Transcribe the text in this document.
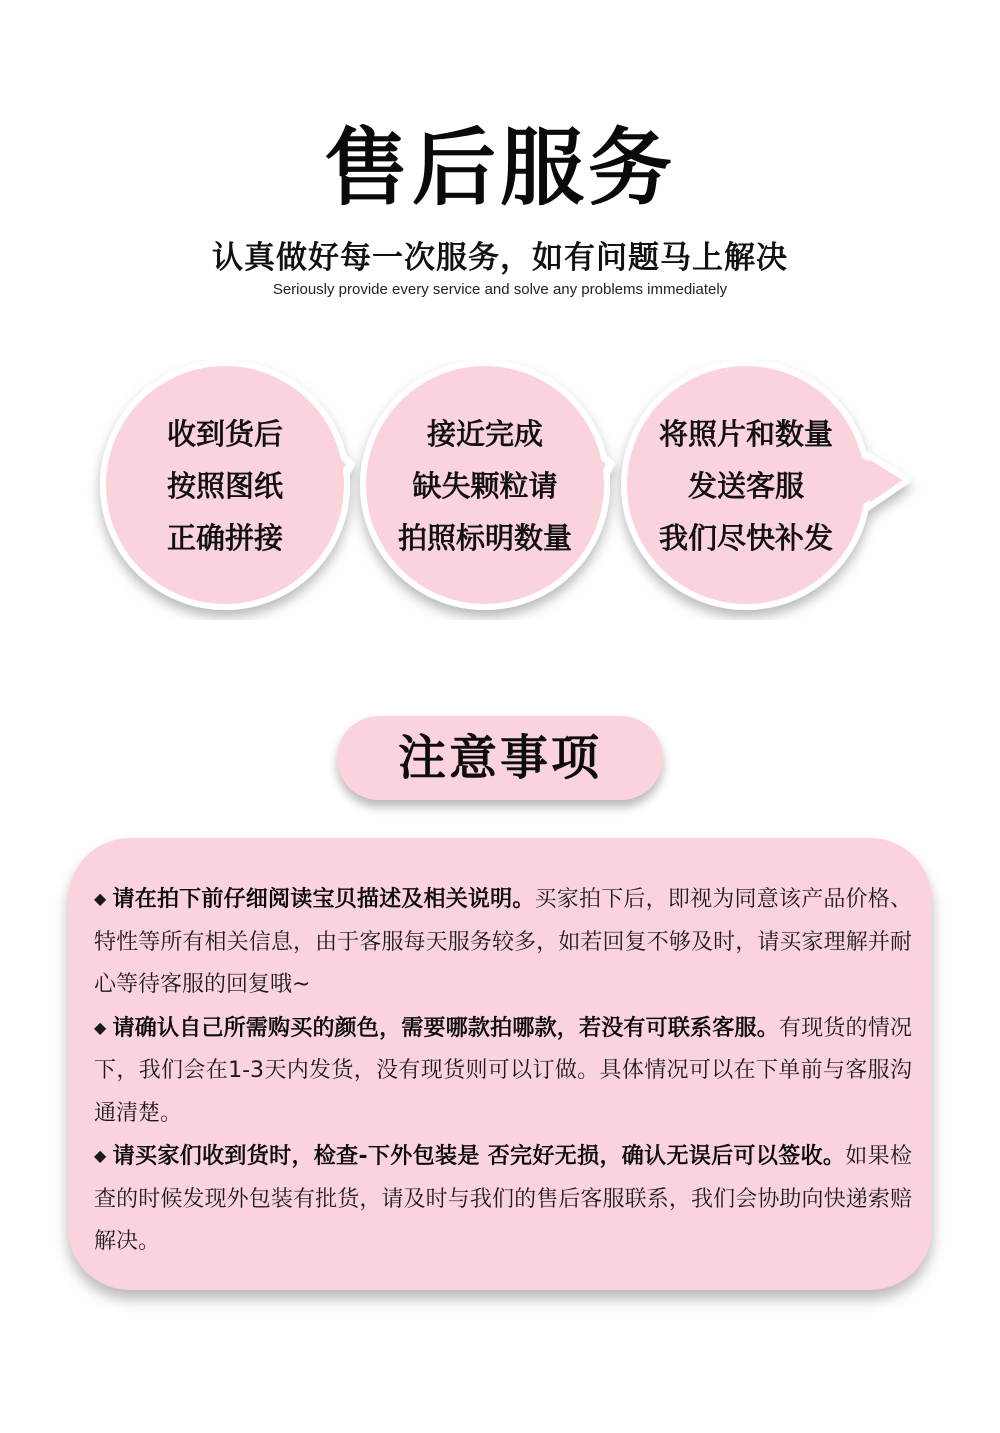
售后服务
认真做好每一次服务，如有问题马上解决
Seriously provide every service and solve any problems immediately
收到货后
按照图纸
正确拼接
接近完成
缺失颗粒请
拍照标明数量
将照片和数量
发送客服
我们尽快补发
注意事项

◆ 请在拍下前仔细阅读宝贝描述及相关说明。买家拍下后，即视为同意该产品价格、特性等所有相关信息，由于客服每天服务较多，如若回复不够及时，请买家理解并耐心等待客服的回复哦~

◆ 请确认自己所需购买的颜色，需要哪款拍哪款，若没有可联系客服。有现货的情况下，我们会在1-3天内发货，没有现货则可以订做。具体情况可以在下单前与客服沟通清楚。

◆ 请买家们收到货时，检查-下外包装是 否完好无损，确认无误后可以签收。如果检查的时候发现外包装有批货，请及时与我们的售后客服联系，我们会协助向快递索赔解决。
